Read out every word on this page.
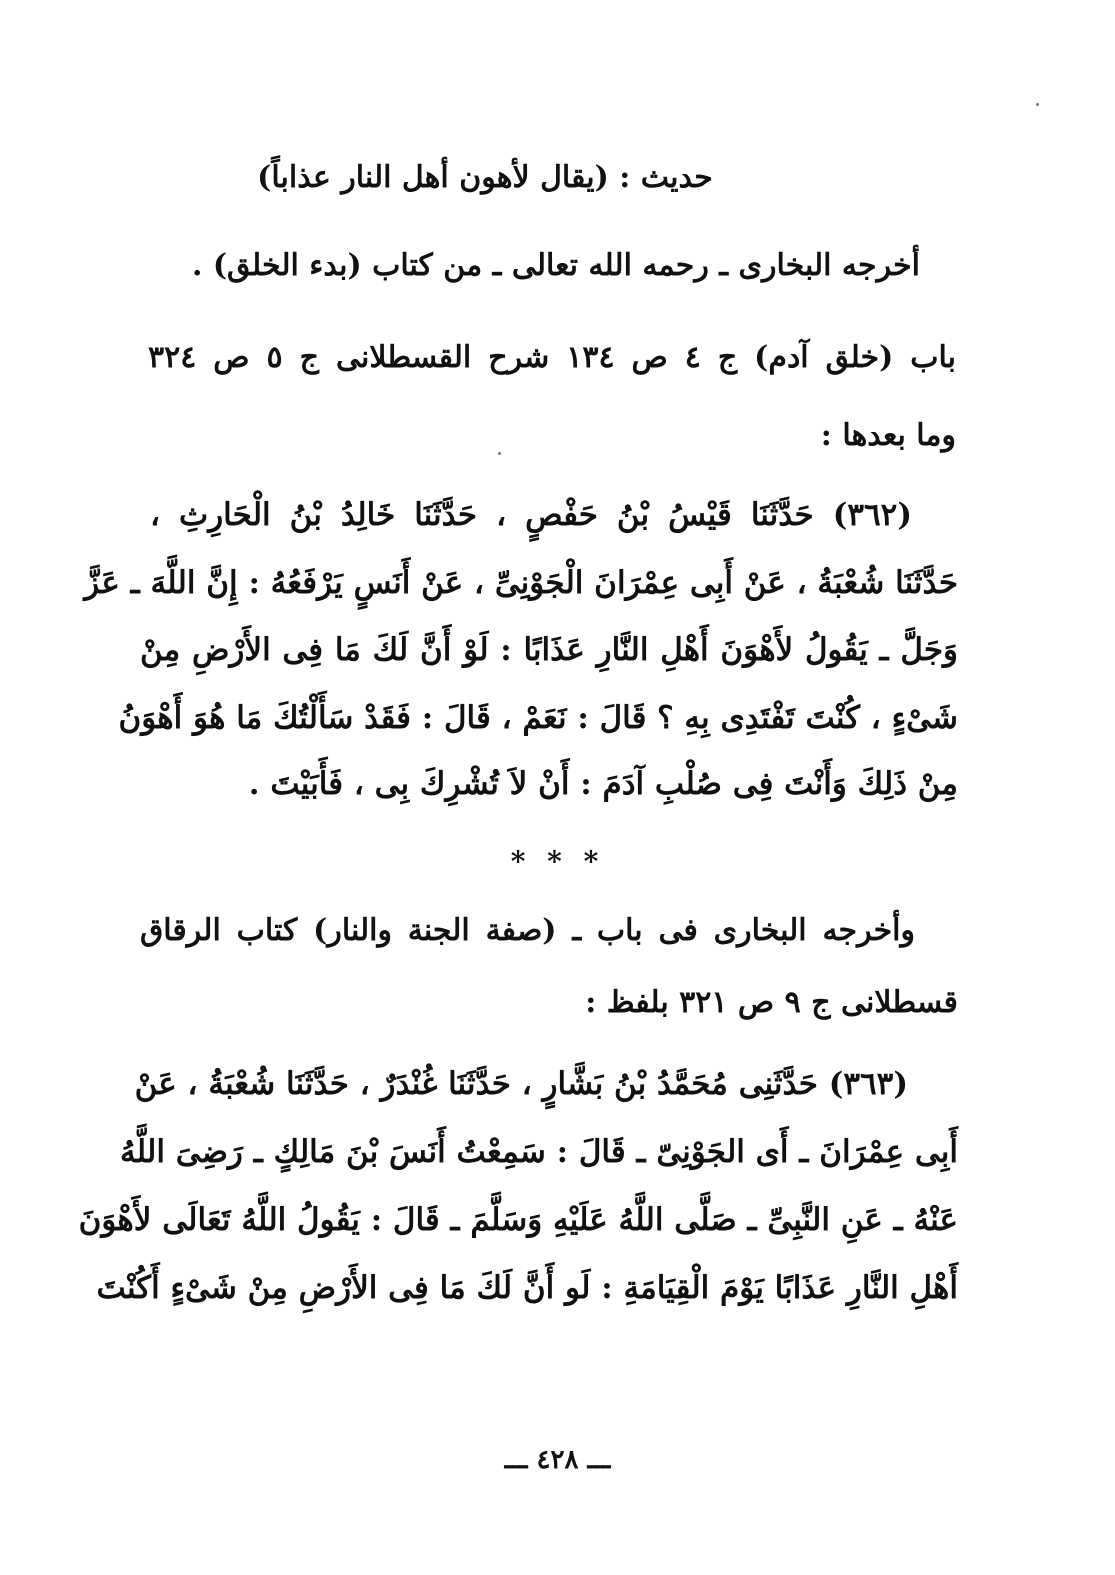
حديث : (يقال لأهون أهل النار عذاباً)
أخرجه البخارى ـ رحمه الله تعالى ـ من كتاب (بدء الخلق) .
باب (خلق آدم) ج ٤ ص ١٣٤ شرح القسطلانى ج ٥ ص ٣٢٤
وما بعدها :
(٣٦٢) حَدَّثَنَا قَيْسُ بْنُ حَفْصٍ ، حَدَّثَنَا خَالِدُ بْنُ الْحَارِثِ ،
حَدَّثَنَا شُعْبَةُ ، عَنْ أَبِى عِمْرَانَ الْجَوْنِىِّ ، عَنْ أَنَسٍ يَرْفَعُهُ : إِنَّ اللَّهَ ـ عَزَّ
وَجَلَّ ـ يَقُولُ لأَهْوَنَ أَهْلِ النَّارِ عَذَابًا : لَوْ أَنَّ لَكَ مَا فِى الأَرْضِ مِنْ
شَىْءٍ ، كُنْتَ تَفْتَدِى بِهِ ؟ قَالَ : نَعَمْ ، قَالَ : فَقَدْ سَأَلْتُكَ مَا هُوَ أَهْوَنُ
مِنْ ذَلِكَ وَأَنْتَ فِى صُلْبِ آدَمَ : أَنْ لاَ تُشْرِكَ بِى ، فَأَبَيْتَ .
* * *
وأخرجه البخارى فى باب ـ (صفة الجنة والنار) كتاب الرقاق
قسطلانى ج ٩ ص ٣٢١ بلفظ :
(٣٦٣) حَدَّثَنِى مُحَمَّدُ بْنُ بَشَّارٍ ، حَدَّثَنَا غُنْدَرٌ ، حَدَّثَنَا شُعْبَةُ ، عَنْ
أَبِى عِمْرَانَ ـ أَى الجَوْنِىّ ـ قَالَ : سَمِعْتُ أَنَسَ بْنَ مَالِكٍ ـ رَضِىَ اللَّهُ
عَنْهُ ـ عَنِ النَّبِىِّ ـ صَلَّى اللَّهُ عَلَيْهِ وَسَلَّمَ ـ قَالَ : يَقُولُ اللَّهُ تَعَالَى لأَهْوَنَ
أَهْلِ النَّارِ عَذَابًا يَوْمَ الْقِيَامَةِ : لَو أَنَّ لَكَ مَا فِى الأَرْضِ مِنْ شَىْءٍ أَكُنْتَ
ـــ ٤٢٨ ـــ
